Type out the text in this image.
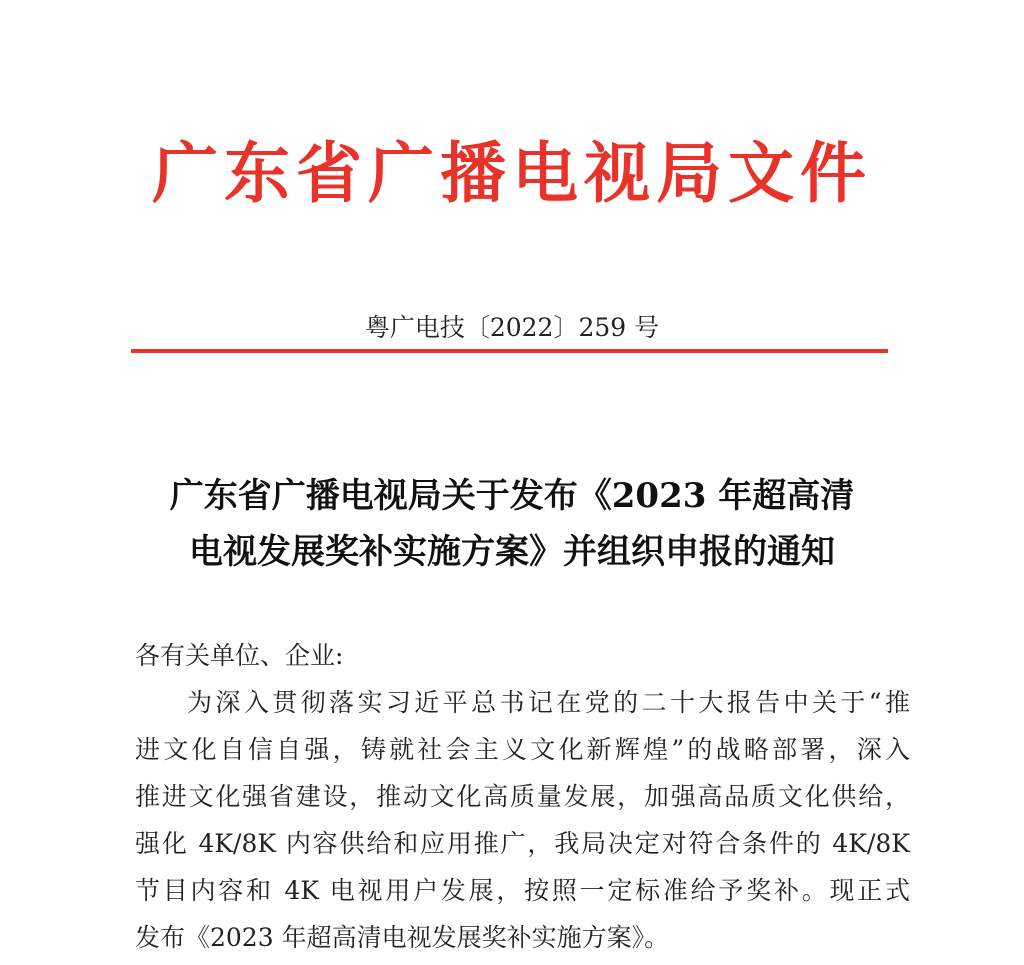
广东省广播电视局文件
粤广电技〔2022〕259 号
广东省广播电视局关于发布《2023 年超高清
电视发展奖补实施方案》并组织申报的通知
各有关单位、企业:
为深入贯彻落实习近平总书记在党的二十大报告中关于“推
进文化自信自强，铸就社会主义文化新辉煌”的战略部署，深入
推进文化强省建设，推动文化高质量发展，加强高品质文化供给，
强化 4K/8K 内容供给和应用推广，我局决定对符合条件的 4K/8K
节目内容和 4K 电视用户发展，按照一定标准给予奖补。现正式
发布《2023 年超高清电视发展奖补实施方案》。
